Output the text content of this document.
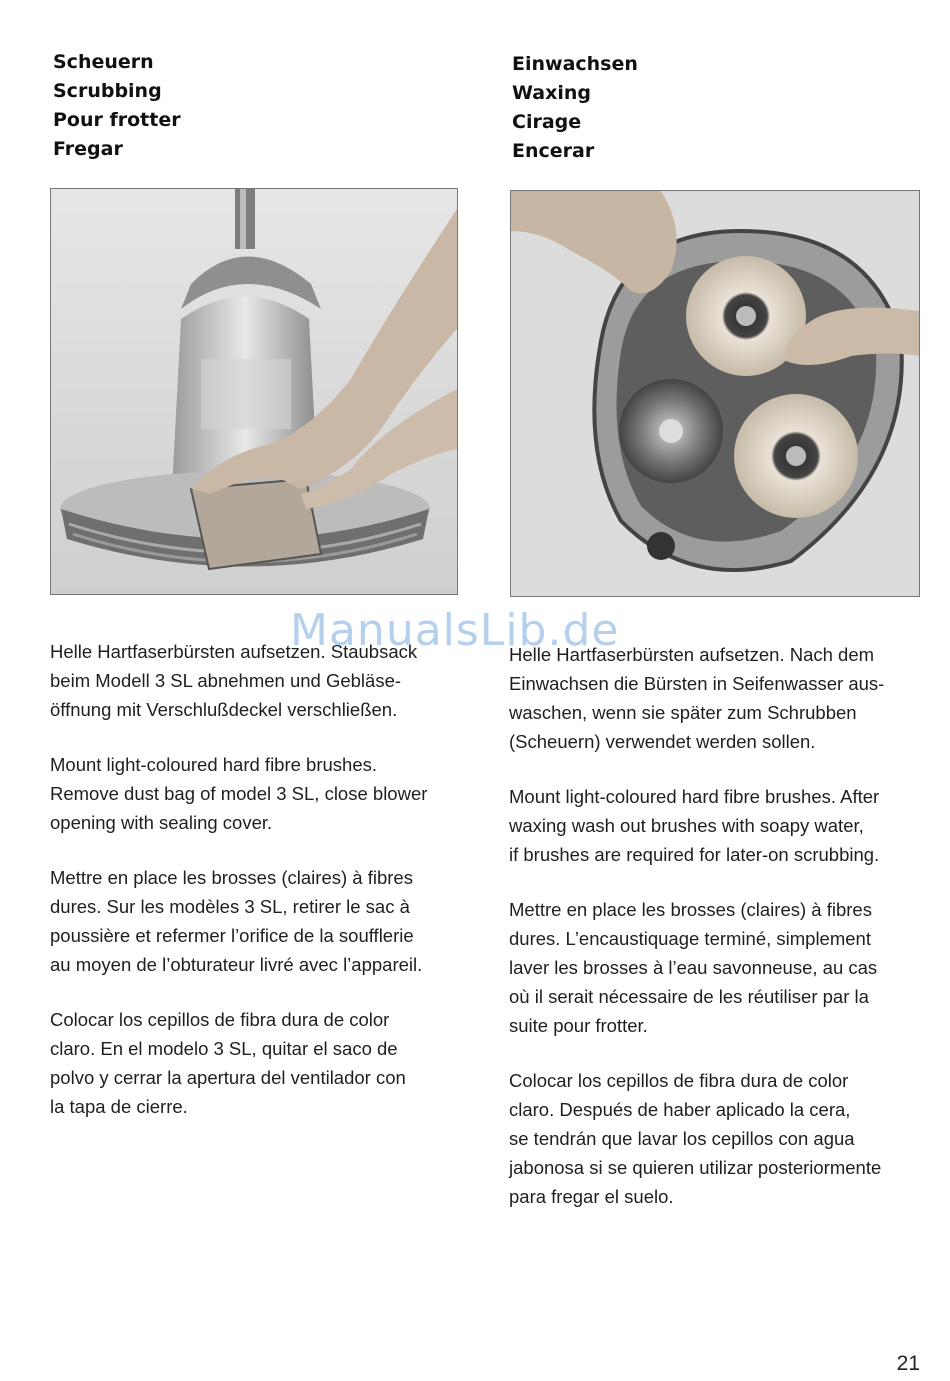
Scheuern
Scrubbing
Pour frotter
Fregar
Einwachsen
Waxing
Cirage
Encerar

Helle Hartfaserbürsten aufsetzen. Staubsack
beim Modell 3 SL abnehmen und Gebläse-
öffnung mit Verschlußdeckel verschließen.

Mount light-coloured hard fibre brushes.
Remove dust bag of model 3 SL, close blower
opening with sealing cover.

Mettre en place les brosses (claires) à fibres
dures. Sur les modèles 3 SL, retirer le sac à
poussière et refermer l’orifice de la soufflerie
au moyen de l’obturateur livré avec l’appareil.

Colocar los cepillos de fibra dura de color
claro. En el modelo 3 SL, quitar el saco de
polvo y cerrar la apertura del ventilador con
la tapa de cierre.

Helle Hartfaserbürsten aufsetzen. Nach dem
Einwachsen die Bürsten in Seifenwasser aus-
waschen, wenn sie später zum Schrubben
(Scheuern) verwendet werden sollen.

Mount light-coloured hard fibre brushes. After
waxing wash out brushes with soapy water,
if brushes are required for later-on scrubbing.

Mettre en place les brosses (claires) à fibres
dures. L’encaustiquage terminé, simplement
laver les brosses à l’eau savonneuse, au cas
où il serait nécessaire de les réutiliser par la
suite pour frotter.

Colocar los cepillos de fibra dura de color
claro. Después de haber aplicado la cera,
se tendrán que lavar los cepillos con agua
jabonosa si se quieren utilizar posteriormente
para fregar el suelo.

ManualsLib.de
21
